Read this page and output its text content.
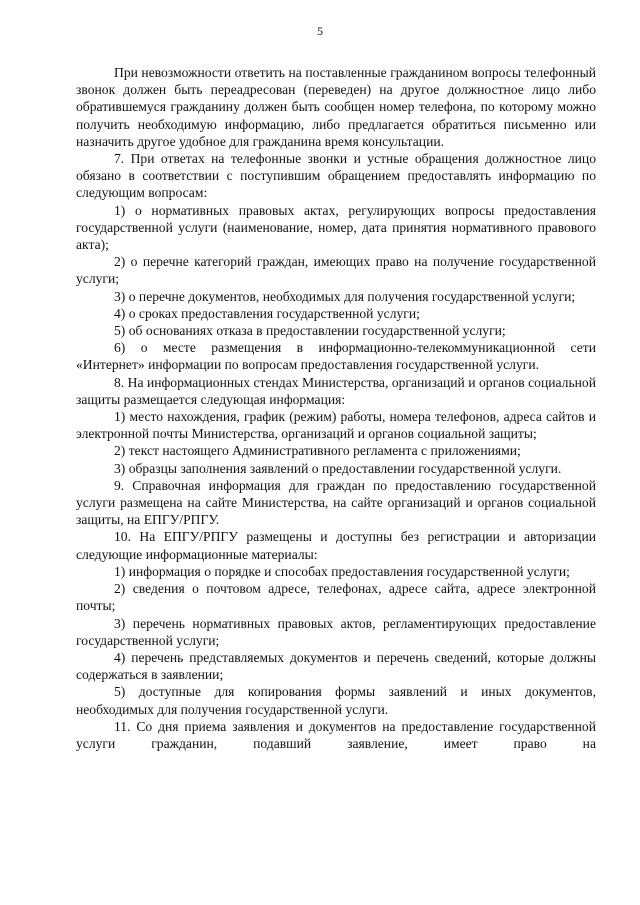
5

При невозможности ответить на поставленные гражданином вопросы телефонный звонок должен быть переадресован (переведен) на другое должностное лицо либо обратившемуся гражданину должен быть сообщен номер телефона, по которому можно получить необходимую информацию, либо предлагается обратиться письменно или назначить другое удобное для гражданина время консультации.

7. При ответах на телефонные звонки и устные обращения должностное лицо обязано в соответствии с поступившим обращением предоставлять информацию по следующим вопросам:

1) о нормативных правовых актах, регулирующих вопросы предоставления государственной услуги (наименование, номер, дата принятия нормативного правового акта);

2) о перечне категорий граждан, имеющих право на получение государственной услуги;

3) о перечне документов, необходимых для получения государственной услуги;

4) о сроках предоставления государственной услуги;

5) об основаниях отказа в предоставлении государственной услуги;

6) о месте размещения в информационно-телекоммуникационной сети «Интернет» информации по вопросам предоставления государственной услуги.

8. На информационных стендах Министерства, организаций и органов социальной защиты размещается следующая информация:

1) место нахождения, график (режим) работы, номера телефонов, адреса сайтов и электронной почты Министерства, организаций и органов социальной защиты;

2) текст настоящего Административного регламента с приложениями;

3) образцы заполнения заявлений о предоставлении государственной услуги.

9. Справочная информация для граждан по предоставлению государственной услуги размещена на сайте Министерства, на сайте организаций и органов социальной защиты, на ЕПГУ/РПГУ.

10. На ЕПГУ/РПГУ размещены и доступны без регистрации и авторизации следующие информационные материалы:

1) информация о порядке и способах предоставления государственной услуги;

2) сведения о почтовом адресе, телефонах, адресе сайта, адресе электронной почты;

3) перечень нормативных правовых актов, регламентирующих предоставление государственной услуги;

4) перечень представляемых документов и перечень сведений, которые должны содержаться в заявлении;

5) доступные для копирования формы заявлений и иных документов, необходимых для получения государственной услуги.

11. Со дня приема заявления и документов на предоставление государственной услуги гражданин, подавший заявление, имеет право на
